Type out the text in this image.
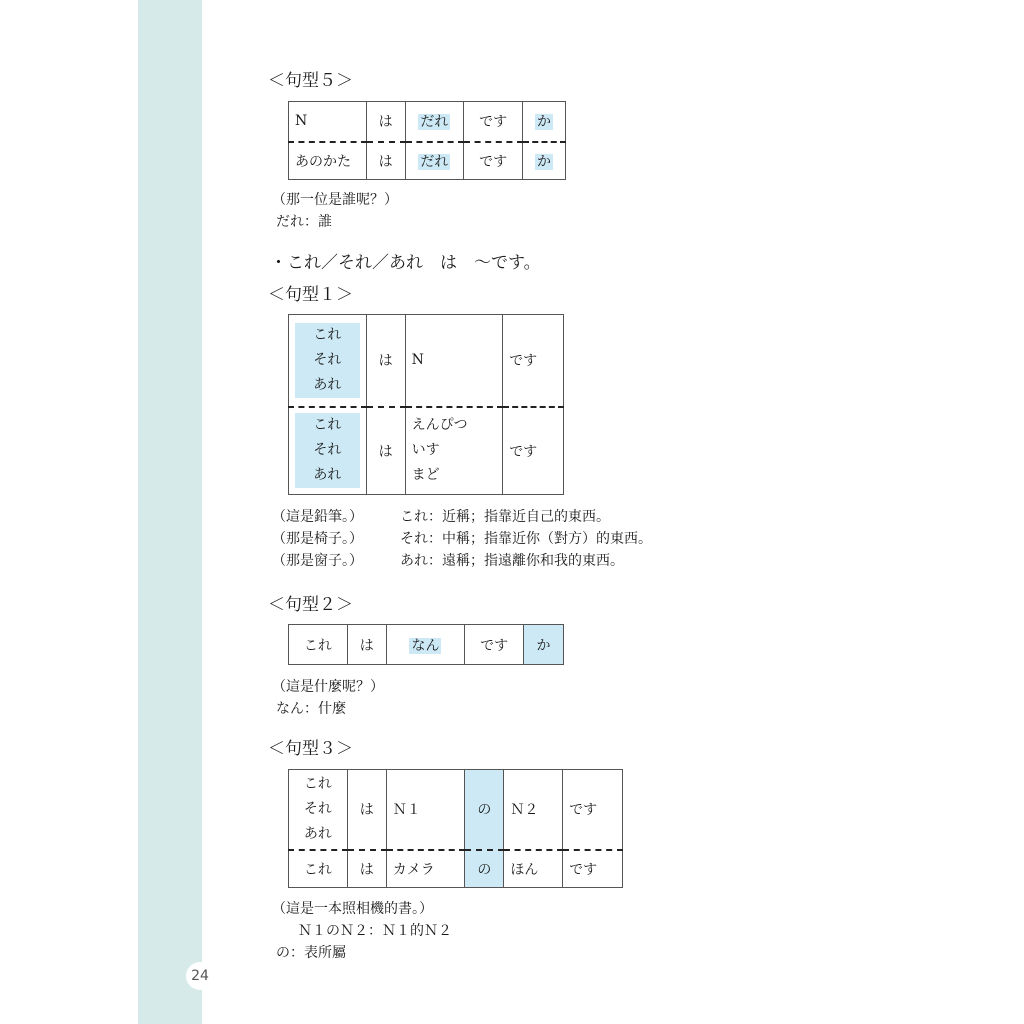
24
＜句型５＞
N	は	だれ	です	か
あのかた	は	だれ	です	か
（那一位是誰呢？）
だれ：誰
・これ／それ／あれ　は　～です。
＜句型１＞
これ
それ
あれ	は	N	です

これ
それ
あれ	は	えんぴつ
いす
まど	です
（這是鉛筆。）
（那是椅子。）
（那是窗子。）
これ：近稱；指靠近自己的東西。
それ：中稱；指靠近你（對方）的東西。
あれ：遠稱；指遠離你和我的東西。
＜句型２＞
これ	は	なん	です	か
（這是什麼呢？）
なん：什麼
＜句型３＞
これ
それ
あれ	は	Ｎ１	の	Ｎ２	です
これ	は	カメラ	の	ほん	です
（這是一本照相機的書。）
Ｎ１のＮ２：Ｎ１的Ｎ２
の：表所屬
